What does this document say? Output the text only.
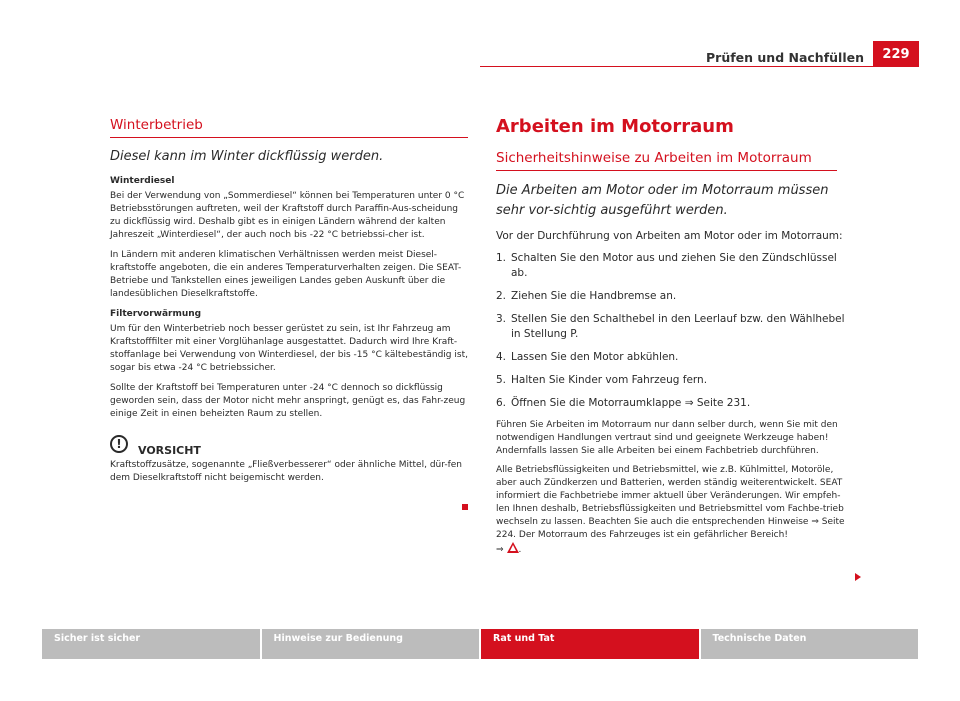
Prüfen und Nachfüllen	229
Winterbetrieb
Diesel kann im Winter dickflüssig werden.
Winterdiesel

Bei der Verwendung von „Sommerdiesel“ können bei Temperaturen unter 0 °C Betriebsstörungen auftreten, weil der Kraftstoff durch Paraffin-Aus-scheidung zu dickflüssig wird. Deshalb gibt es in einigen Ländern während der kalten Jahreszeit „Winterdiesel“, der auch noch bis -22 °C betriebssi-cher ist.

In Ländern mit anderen klimatischen Verhältnissen werden meist Diesel-kraftstoffe angeboten, die ein anderes Temperaturverhalten zeigen. Die SEAT-Betriebe und Tankstellen eines jeweiligen Landes geben Auskunft über die landesüblichen Dieselkraftstoffe.

Filtervorwärmung

Um für den Winterbetrieb noch besser gerüstet zu sein, ist Ihr Fahrzeug am Kraftstofffilter mit einer Vorglühanlage ausgestattet. Dadurch wird Ihre Kraft-stoffanlage bei Verwendung von Winterdiesel, der bis -15 °C kältebeständig ist, sogar bis etwa -24 °C betriebssicher.

Sollte der Kraftstoff bei Temperaturen unter -24 °C dennoch so dickflüssig geworden sein, dass der Motor nicht mehr anspringt, genügt es, das Fahr-zeug einige Zeit in einen beheizten Raum zu stellen.

!	VORSICHT

Kraftstoffzusätze, sogenannte „Fließverbesserer“ oder ähnliche Mittel, dür-fen dem Dieselkraftstoff nicht beigemischt werden.

Arbeiten im Motorraum
Sicherheitshinweise zu Arbeiten im Motorraum
Die Arbeiten am Motor oder im Motorraum müssen sehr vor-sichtig ausgeführt werden.
Vor der Durchführung von Arbeiten am Motor oder im Motorraum:
1. Schalten Sie den Motor aus und ziehen Sie den Zündschlüssel ab.
2. Ziehen Sie die Handbremse an.
3. Stellen Sie den Schalthebel in den Leerlauf bzw. den Wählhebel in Stellung P.
4. Lassen Sie den Motor abkühlen.
5. Halten Sie Kinder vom Fahrzeug fern.
6. Öffnen Sie die Motorraumklappe ⇒ Seite 231.

Führen Sie Arbeiten im Motorraum nur dann selber durch, wenn Sie mit den notwendigen Handlungen vertraut sind und geeignete Werkzeuge haben! Andernfalls lassen Sie alle Arbeiten bei einem Fachbetrieb durchführen.

Alle Betriebsflüssigkeiten und Betriebsmittel, wie z.B. Kühlmittel, Motoröle, aber auch Zündkerzen und Batterien, werden ständig weiterentwickelt. SEAT informiert die Fachbetriebe immer aktuell über Veränderungen. Wir empfeh-len Ihnen deshalb, Betriebsflüssigkeiten und Betriebsmittel vom Fachbe-trieb wechseln zu lassen. Beachten Sie auch die entsprechenden Hinweise ⇒ Seite 224. Der Motorraum des Fahrzeuges ist ein gefährlicher Bereich!
⇒ .

Sicher ist sicher	Hinweise zur Bedienung	Rat und Tat	Technische Daten
